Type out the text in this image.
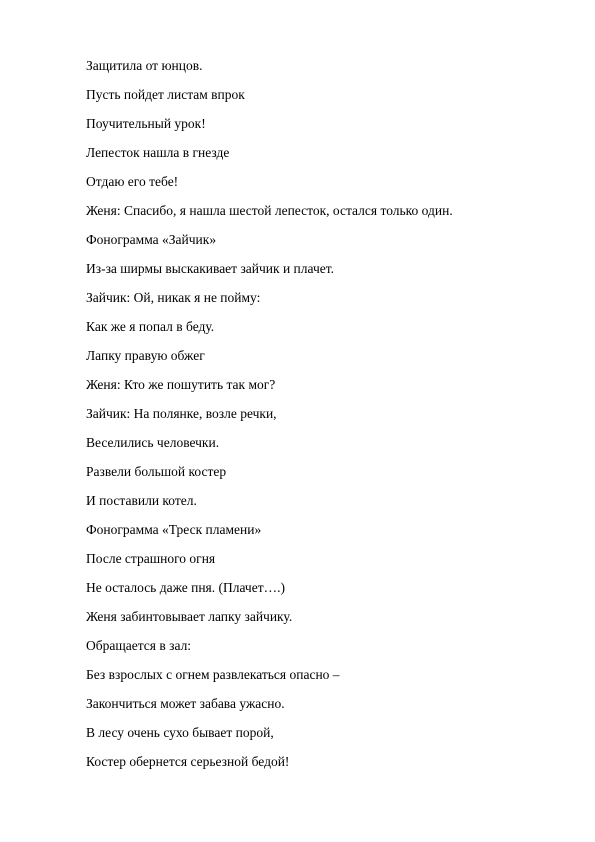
Защитила от юнцов.
Пусть пойдет листам впрок
Поучительный урок!
Лепесток нашла в гнезде
Отдаю его тебе!
Женя: Спасибо, я нашла шестой лепесток, остался только один.
Фонограмма «Зайчик»
Из-за ширмы выскакивает зайчик и плачет.
Зайчик: Ой, никак я не пойму:
Как же я попал в беду.
Лапку правую обжег
Женя: Кто же пошутить так мог?
Зайчик: На полянке, возле речки,
Веселились человечки.
Развели большой костер
И поставили котел.
Фонограмма «Треск пламени»
После страшного огня
Не осталось даже пня. (Плачет….)
Женя забинтовывает лапку зайчику.
Обращается в зал:
Без взрослых с огнем развлекаться опасно –
Закончиться может забава ужасно.
В лесу очень сухо бывает порой,
Костер обернется серьезной бедой!
